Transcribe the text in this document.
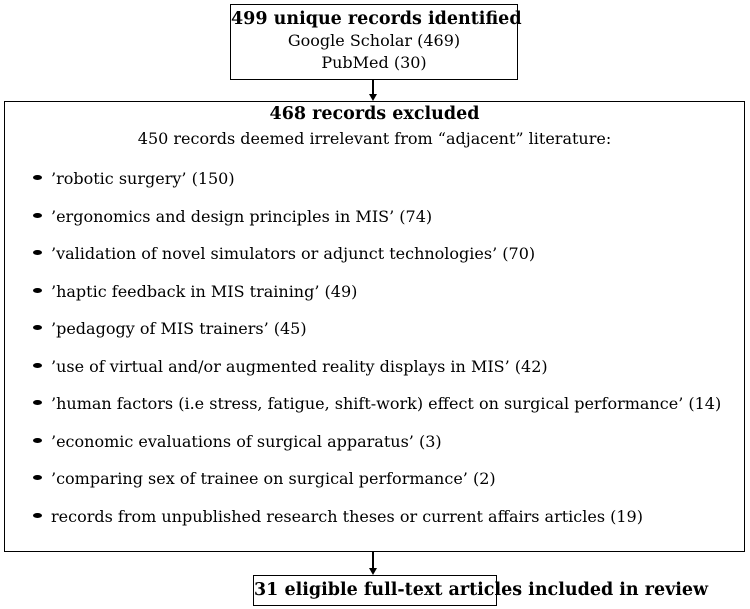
499 unique records identified
Google Scholar (469)
PubMed (30)
468 records excluded
450 records deemed irrelevant from “adjacent” literature:
’robotic surgery’ (150)
’ergonomics and design principles in MIS’ (74)
’validation of novel simulators or adjunct technologies’ (70)
’haptic feedback in MIS training’ (49)
’pedagogy of MIS trainers’ (45)
’use of virtual and/or augmented reality displays in MIS’ (42)
’human factors (i.e stress, fatigue, shift-work) effect on surgical performance’ (14)
’economic evaluations of surgical apparatus’ (3)
’comparing sex of trainee on surgical performance’ (2)
records from unpublished research theses or current affairs articles (19)
31 eligible full-text articles included in review
